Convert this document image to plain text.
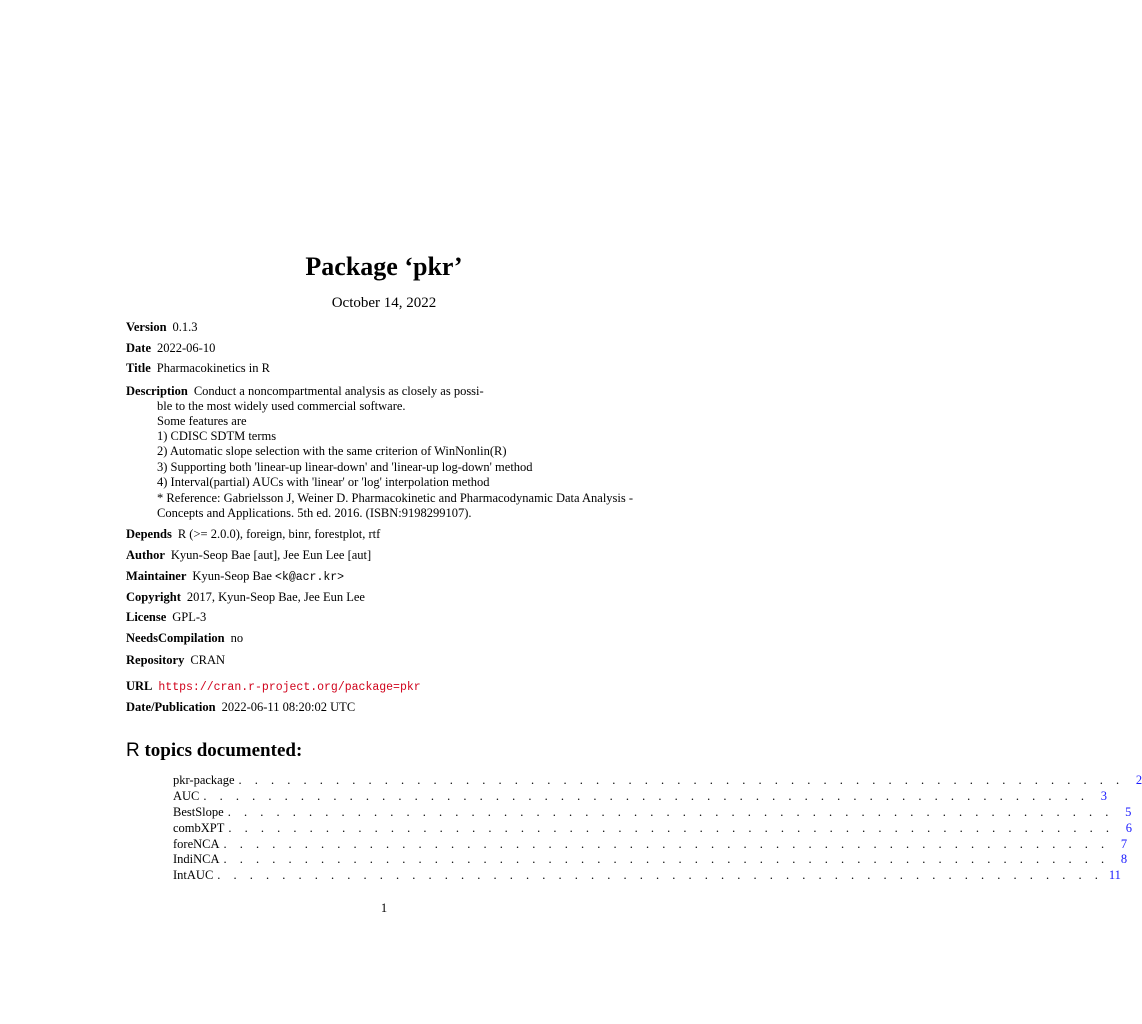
Package ‘pkr’
October 14, 2022
Version 0.1.3
Date 2022-06-10
Title Pharmacokinetics in R
Description Conduct a noncompartmental analysis as closely as possi-
ble to the most widely used commercial software.
Some features are
1) CDISC SDTM terms
2) Automatic slope selection with the same criterion of WinNonlin(R)
3) Supporting both 'linear-up linear-down' and 'linear-up log-down' method
4) Interval(partial) AUCs with 'linear' or 'log' interpolation method
* Reference: Gabrielsson J, Weiner D. Pharmacokinetic and Pharmacodynamic Data Analysis -
Concepts and Applications. 5th ed. 2016. (ISBN:9198299107).
Depends R (>= 2.0.0), foreign, binr, forestplot, rtf
Author Kyun-Seop Bae [aut], Jee Eun Lee [aut]
Maintainer Kyun-Seop Bae <k@acr.kr>
Copyright 2017, Kyun-Seop Bae, Jee Eun Lee
License GPL-3
NeedsCompilation no
Repository CRAN
URL https://cran.r-project.org/package=pkr
Date/Publication 2022-06-11 08:20:02 UTC
R topics documented:
pkr-package . . . . . . . . . . . . . . . . . . . . . . . . . . . . . . . . . . . . . . . . . . . . . . . . . . . . . . . 2
AUC . . . . . . . . . . . . . . . . . . . . . . . . . . . . . . . . . . . . . . . . . . . . . . . . . . . . . . . 3
BestSlope . . . . . . . . . . . . . . . . . . . . . . . . . . . . . . . . . . . . . . . . . . . . . . . . . . . . . . . 5
combXPT . . . . . . . . . . . . . . . . . . . . . . . . . . . . . . . . . . . . . . . . . . . . . . . . . . . . . . . 6
foreNCA . . . . . . . . . . . . . . . . . . . . . . . . . . . . . . . . . . . . . . . . . . . . . . . . . . . . . . . 7
IndiNCA . . . . . . . . . . . . . . . . . . . . . . . . . . . . . . . . . . . . . . . . . . . . . . . . . . . . . . . 8
IntAUC . . . . . . . . . . . . . . . . . . . . . . . . . . . . . . . . . . . . . . . . . . . . . . . . . . . . . . . 11
1
